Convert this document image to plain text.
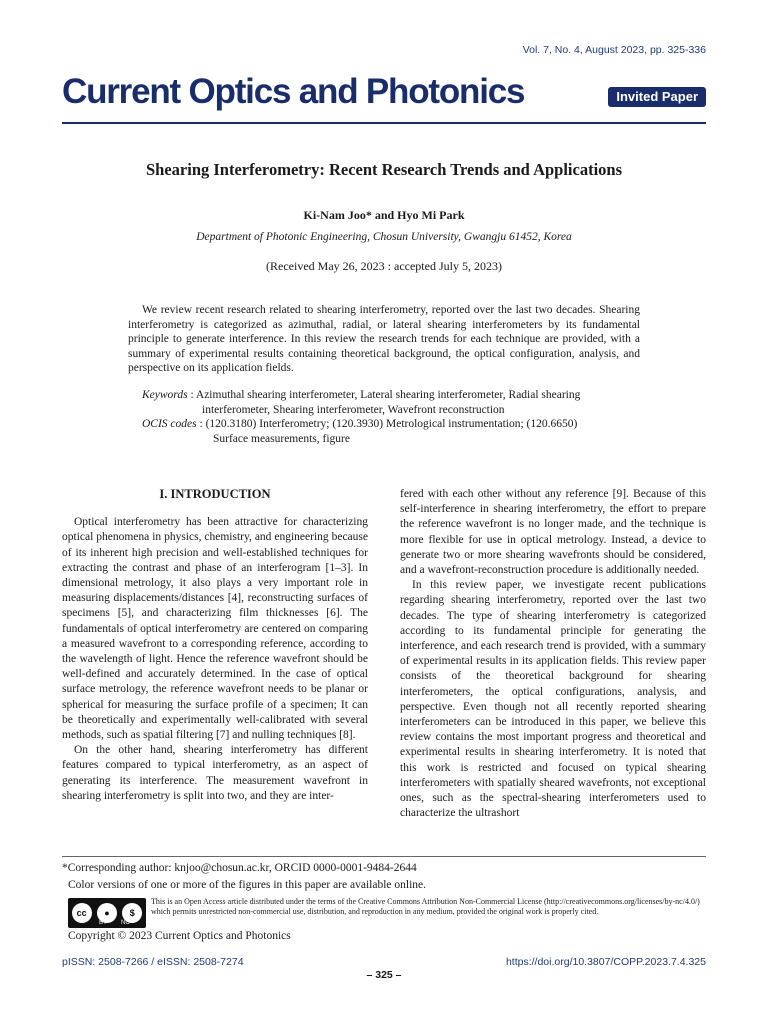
Vol. 7, No. 4, August 2023, pp. 325-336
Current Optics and Photonics	Invited Paper
Shearing Interferometry: Recent Research Trends and Applications
Ki-Nam Joo* and Hyo Mi Park
Department of Photonic Engineering, Chosun University, Gwangju 61452, Korea
(Received May 26, 2023 : accepted July 5, 2023)

We review recent research related to shearing interferometry, reported over the last two decades. Shearing interferometry is categorized as azimuthal, radial, or lateral shearing interferometers by its fundamental principle to generate interference. In this review the research trends for each technique are provided, with a summary of experimental results containing theoretical background, the optical configuration, analysis, and perspective on its application fields.

Keywords : Azimuthal shearing interferometer, Lateral shearing interferometer, Radial shearing
interferometer, Shearing interferometer, Wavefront reconstruction
OCIS codes : (120.3180) Interferometry; (120.3930) Metrological instrumentation; (120.6650)
Surface measurements, figure
I. INTRODUCTION

Optical interferometry has been attractive for characterizing optical phenomena in physics, chemistry, and engineering because of its inherent high precision and well-established techniques for extracting the contrast and phase of an interferogram [1–3]. In dimensional metrology, it also plays a very important role in measuring displacements/distances [4], reconstructing surfaces of specimens [5], and characterizing film thicknesses [6]. The fundamentals of optical interferometry are centered on comparing a measured wavefront to a corresponding reference, according to the wavelength of light. Hence the reference wavefront should be well-defined and accurately determined. In the case of optical surface metrology, the reference wavefront needs to be planar or spherical for measuring the surface profile of a specimen; It can be theoretically and experimentally well-calibrated with several methods, such as spatial filtering [7] and nulling techniques [8].

On the other hand, shearing interferometry has different features compared to typical interferometry, as an aspect of generating its interference. The measurement wavefront in shearing interferometry is split into two, and they are inter-

fered with each other without any reference [9]. Because of this self-interference in shearing interferometry, the effort to prepare the reference wavefront is no longer made, and the technique is more flexible for use in optical metrology. Instead, a device to generate two or more shearing wavefronts should be considered, and a wavefront-reconstruction procedure is additionally needed.

In this review paper, we investigate recent publications regarding shearing interferometry, reported over the last two decades. The type of shearing interferometry is categorized according to its fundamental principle for generating the interference, and each research trend is provided, with a summary of experimental results in its application fields. This review paper consists of the theoretical background for shearing interferometers, the optical configurations, analysis, and perspective. Even though not all recently reported shearing interferometers can be introduced in this paper, we believe this review contains the most important progress and theoretical and experimental results in shearing interferometry. It is noted that this work is restricted and focused on typical shearing interferometers with spatially sheared wavefronts, not exceptional ones, such as the spectral-shearing interferometers used to characterize the ultrashort

*Corresponding author: knjoo@chosun.ac.kr, ORCID 0000-0001-9484-2644
Color versions of one or more of the figures in this paper are available online.
cc	●	$
BY NC
This is an Open Access article distributed under the terms of the Creative Commons Attribution Non-Commercial License (http://creativecommons.org/licenses/by-nc/4.0/) which permits unrestricted non-commercial use, distribution, and reproduction in any medium, provided the original work is properly cited.
Copyright © 2023 Current Optics and Photonics
pISSN: 2508-7266 / eISSN: 2508-7274
– 325 –
https://doi.org/10.3807/COPP.2023.7.4.325
